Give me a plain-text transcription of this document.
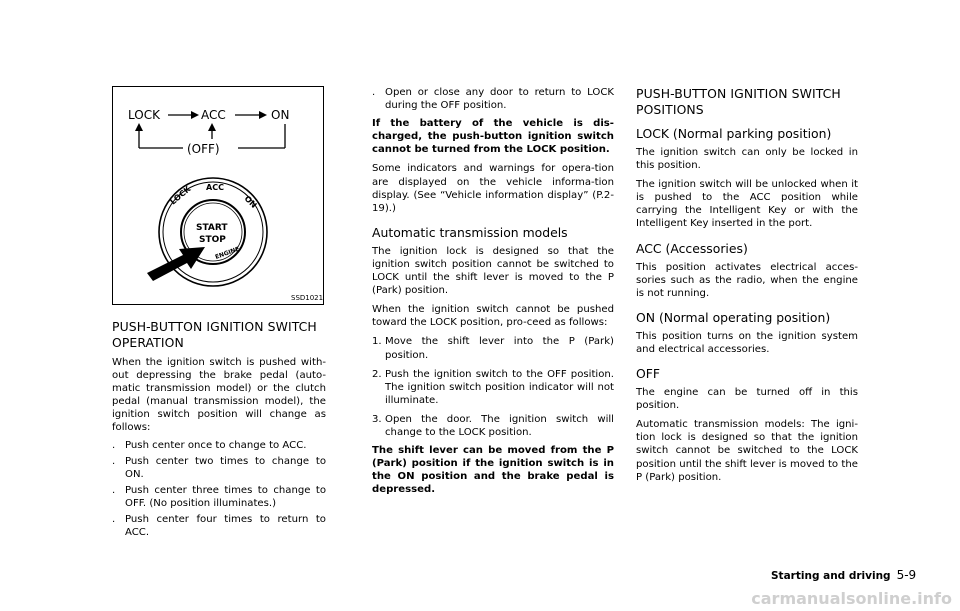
LOCK	ACC	ON
(OFF)
LOCK ACC
ON
START
STOP
ENGINE
SSD1021
PUSH-BUTTON IGNITION SWITCH OPERATION

When the ignition switch is pushed with-out depressing the brake pedal (auto-matic transmission model) or the clutch pedal (manual transmission model), the ignition switch position will change as follows:

. Push center once to change to ACC.
. Push center two times to change to ON.
. Push center three times to change to OFF. (No position illuminates.)
. Push center four times to return to ACC.
. Open or close any door to return to LOCK during the OFF position.

If the battery of the vehicle is dis-charged, the push-button ignition switch cannot be turned from the LOCK position.

Some indicators and warnings for opera-tion are displayed on the vehicle informa-tion display. (See “Vehicle information display” (P.2-19).)

Automatic transmission models

The ignition lock is designed so that the ignition switch position cannot be switched to LOCK until the shift lever is moved to the P (Park) position.

When the ignition switch cannot be pushed toward the LOCK position, pro-ceed as follows:

1. Move the shift lever into the P (Park) position.
2. Push the ignition switch to the OFF position. The ignition switch position indicator will not illuminate.
3. Open the door. The ignition switch will change to the LOCK position.

The shift lever can be moved from the P (Park) position if the ignition switch is in the ON position and the brake pedal is depressed.

PUSH-BUTTON IGNITION SWITCH POSITIONS
LOCK (Normal parking position)

The ignition switch can only be locked in this position.

The ignition switch will be unlocked when it is pushed to the ACC position while carrying the Intelligent Key or with the Intelligent Key inserted in the port.

ACC (Accessories)

This position activates electrical acces-sories such as the radio, when the engine is not running.

ON (Normal operating position)

This position turns on the ignition system and electrical accessories.

OFF

The engine can be turned off in this position.

Automatic transmission models: The igni-tion lock is designed so that the ignition switch cannot be switched to the LOCK position until the shift lever is moved to the P (Park) position.

Starting and driving 5-9
carmanualsonline.info
